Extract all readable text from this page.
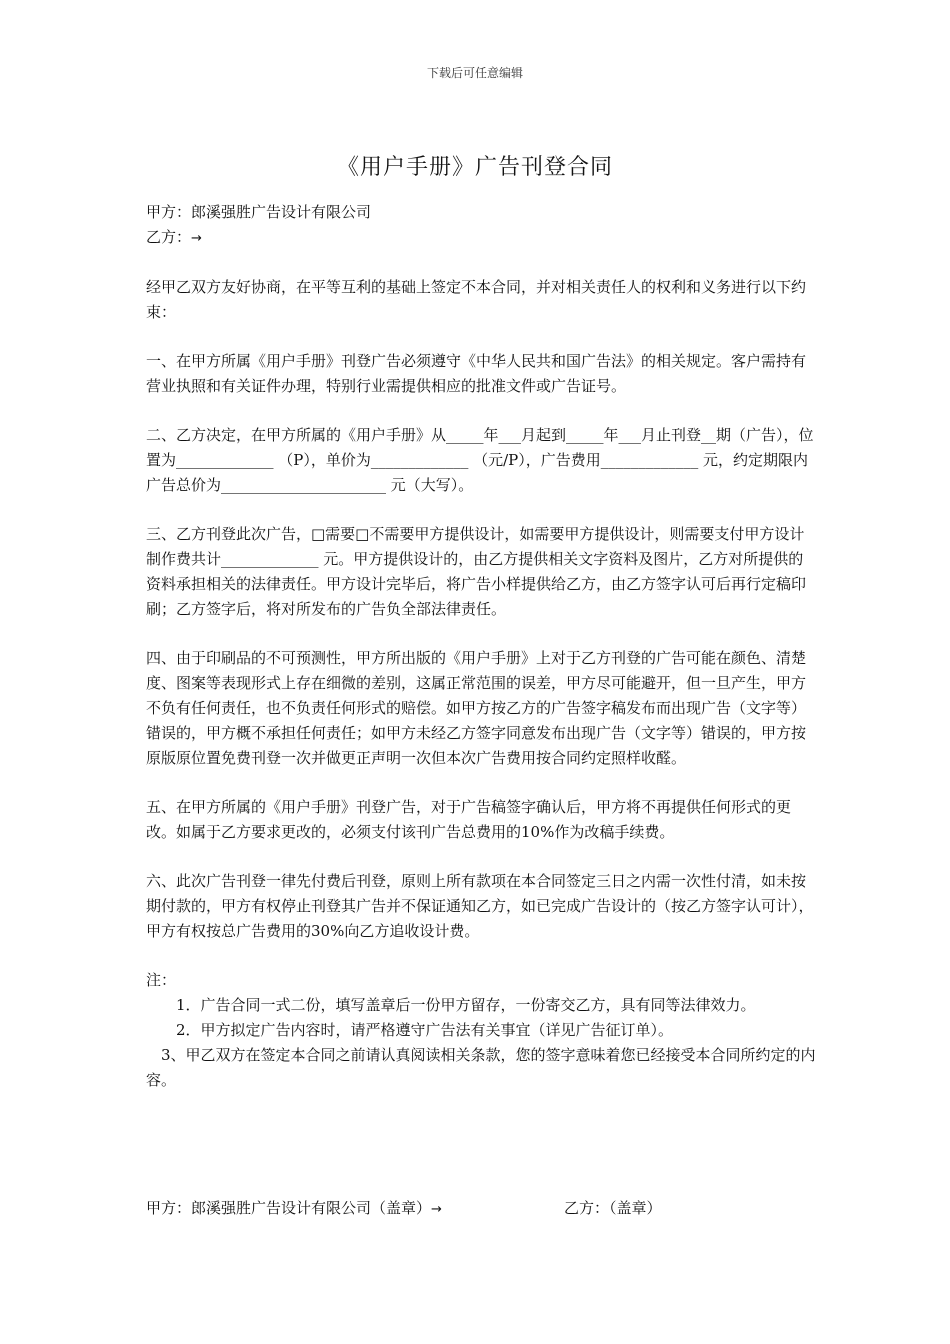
下载后可任意编辑
《用户手册》广告刊登合同

甲方：郎溪强胜广告设计有限公司

乙方：→

经甲乙双方友好协商，在平等互利的基础上签定不本合同，并对相关责任人的权利和义务进行以下约束：

一、在甲方所属《用户手册》刊登广告必须遵守《中华人民共和国广告法》的相关规定。客户需持有营业执照和有关证件办理，特别行业需提供相应的批准文件或广告证号。

二、乙方决定，在甲方所属的《用户手册》从_____年___月起到_____年___月止刊登__期（广告），位置为_____________ （P），单价为_____________ （元/P），广告费用_____________ 元，约定期限内广告总价为______________________ 元（大写）。

三、乙方刊登此次广告，□需要□不需要甲方提供设计，如需要甲方提供设计，则需要支付甲方设计制作费共计_____________ 元。甲方提供设计的，由乙方提供相关文字资料及图片，乙方对所提供的资料承担相关的法律责任。甲方设计完毕后，将广告小样提供给乙方，由乙方签字认可后再行定稿印刷；乙方签字后，将对所发布的广告负全部法律责任。

四、由于印刷品的不可预测性，甲方所出版的《用户手册》上对于乙方刊登的广告可能在颜色、清楚度、图案等表现形式上存在细微的差别，这属正常范围的误差，甲方尽可能避开，但一旦产生，甲方不负有任何责任，也不负责任何形式的赔偿。如甲方按乙方的广告签字稿发布而出现广告（文字等）错误的，甲方概不承担任何责任；如甲方未经乙方签字同意发布出现广告（文字等）错误的，甲方按原版原位置免费刊登一次并做更正声明一次但本次广告费用按合同约定照样收醛。

五、在甲方所属的《用户手册》刊登广告，对于广告稿签字确认后，甲方将不再提供任何形式的更改。如属于乙方要求更改的，必须支付该刊广告总费用的10%作为改稿手续费。

六、此次广告刊登一律先付费后刊登，原则上所有款项在本合同签定三日之内需一次性付清，如未按期付款的，甲方有权停止刊登其广告并不保证通知乙方，如已完成广告设计的（按乙方签字认可计），甲方有权按总广告费用的30%向乙方追收设计费。

注：

1．广告合同一式二份，填写盖章后一份甲方留存，一份寄交乙方，具有同等法律效力。

2．甲方拟定广告内容时，请严格遵守广告法有关事宜（详见广告征订单）。

3、甲乙双方在签定本合同之前请认真阅读相关条款，您的签字意味着您已经接受本合同所约定的内容。

甲方：郎溪强胜广告设计有限公司（盖章）→	乙方：（盖章）
